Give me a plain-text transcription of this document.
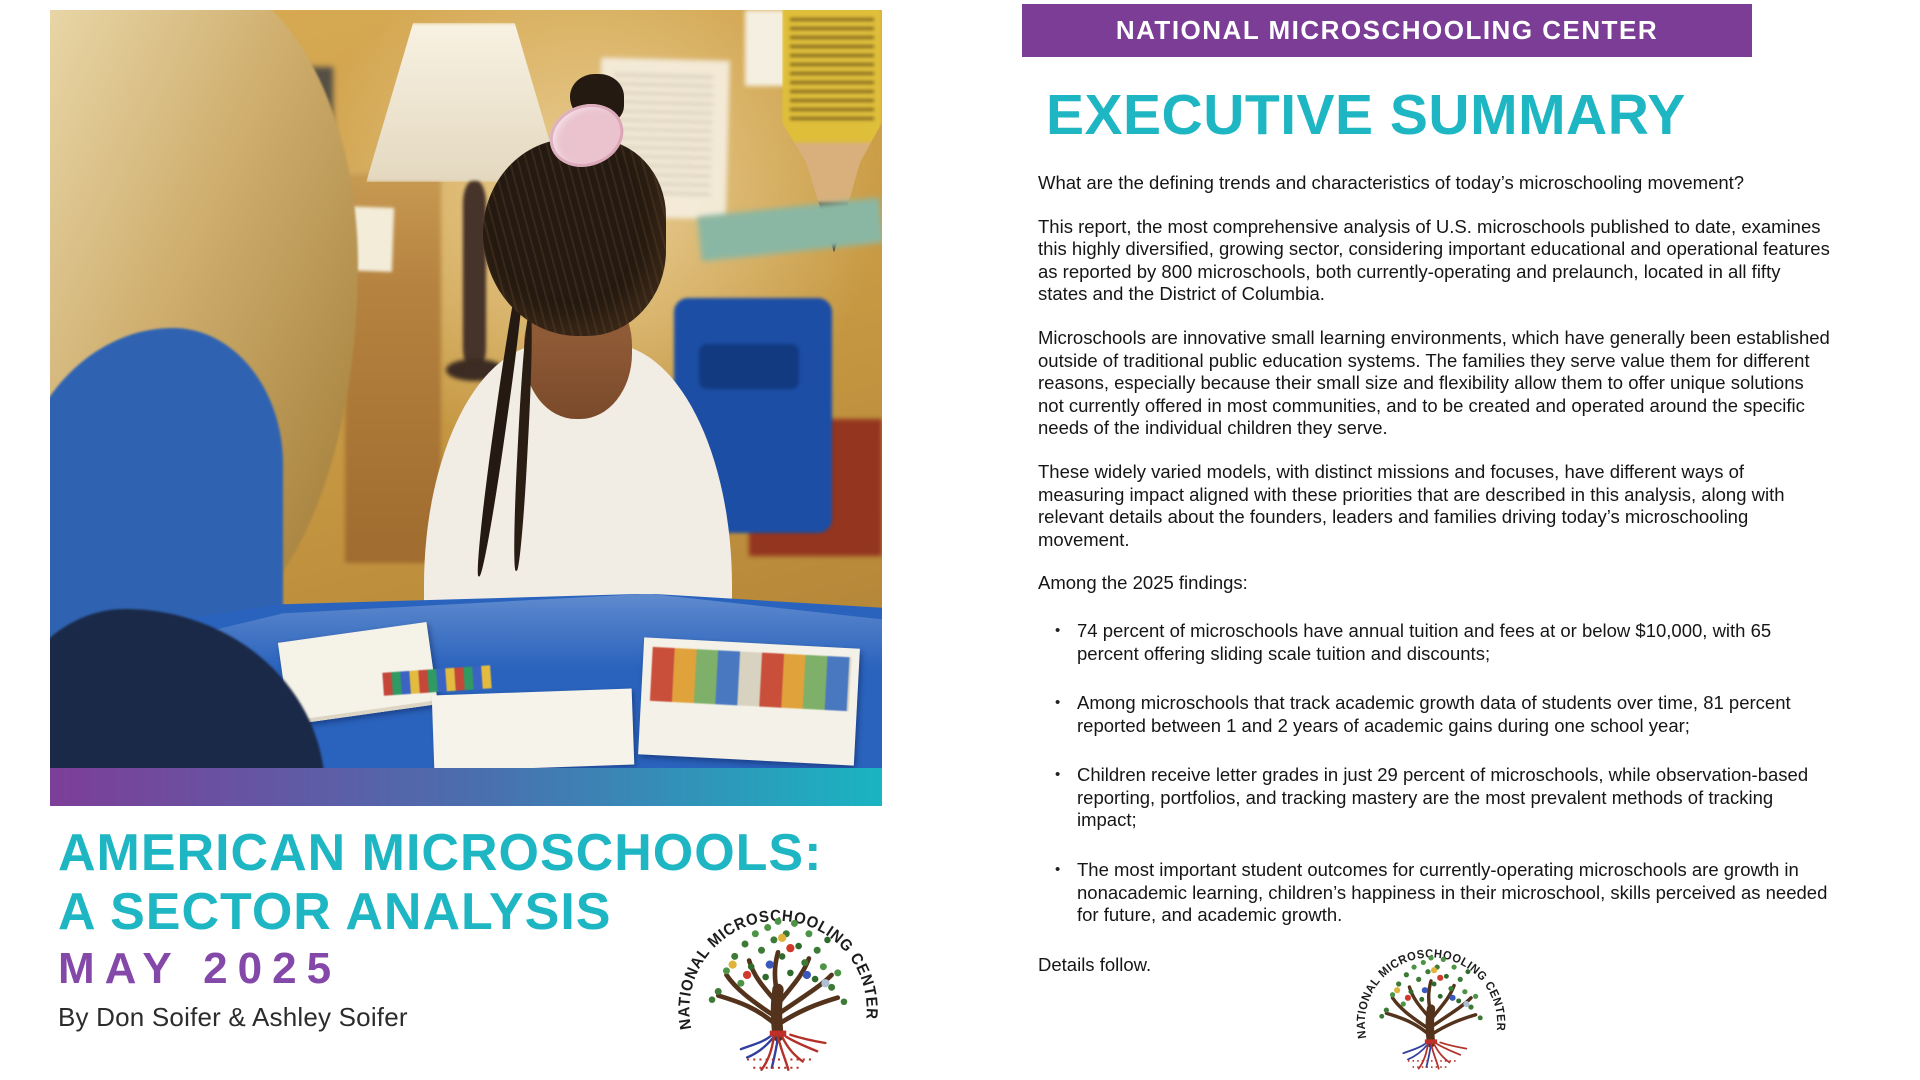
AMERICAN MICROSCHOOLS:
A SECTOR ANALYSIS
MAY 2025
By Don Soifer & Ashley Soifer
NATIONAL MICROSCHOOLING CENTER
EXECUTIVE SUMMARY

What are the defining trends and characteristics of today’s microschooling movement?

This report, the most comprehensive analysis of U.S. microschools published to date, examines this highly diversified, growing sector, considering important educational and operational features as reported by 800 microschools, both currently-operating and prelaunch, located in all fifty states and the District of Columbia.

Microschools are innovative small learning environments, which have generally been established outside of traditional public education systems. The families they serve value them for different reasons, especially because their small size and flexibility allow them to offer unique solutions not currently offered in most communities, and to be created and operated around the specific needs of the individual children they serve.

These widely varied models, with distinct missions and focuses, have different ways of measuring impact aligned with these priorities that are described in this analysis, along with relevant details about the founders, leaders and families driving today’s microschooling movement.

Among the 2025 findings:

• 74 percent of microschools have annual tuition and fees at or below $10,000, with 65 percent offering sliding scale tuition and discounts;
• Among microschools that track academic growth data of students over time, 81 percent reported between 1 and 2 years of academic gains during one school year;
• Children receive letter grades in just 29 percent of microschools, while observation-based reporting, portfolios, and tracking mastery are the most prevalent methods of tracking impact;
• The most important student outcomes for currently-operating microschools are growth in nonacademic learning, children’s happiness in their microschool, skills perceived as needed for future, and academic growth.

Details follow.
